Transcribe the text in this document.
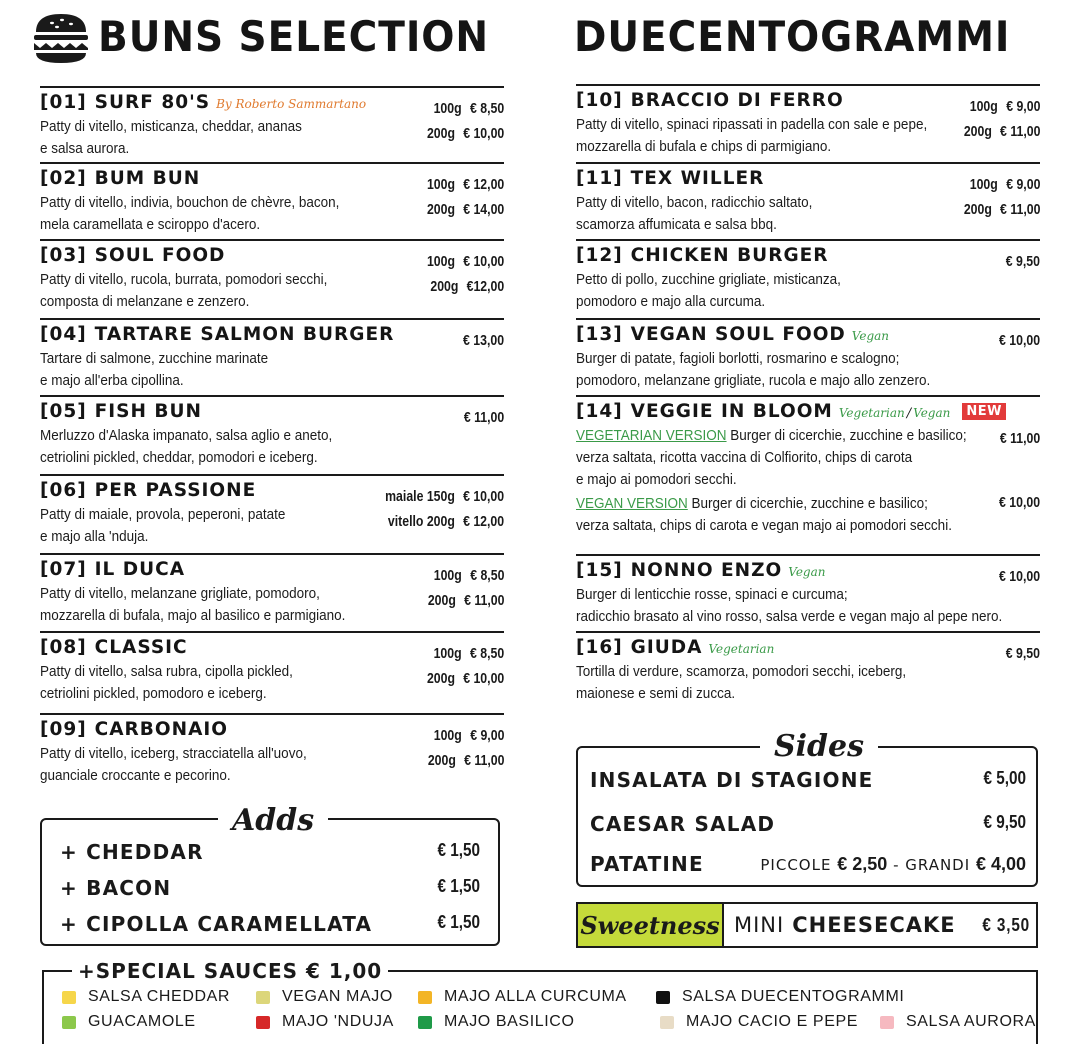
BUNS SELECTION DUECENTOGRAMMI
[01] SURF 80'S By Roberto Sammartano
Patty di vitello, misticanza, cheddar, ananas
e salsa aurora.
100g € 8,50
200g € 10,00
[02] BUM BUN
Patty di vitello, indivia, bouchon de chèvre, bacon,
mela caramellata e sciroppo d'acero.
100g € 12,00
200g € 14,00
[03] SOUL FOOD
Patty di vitello, rucola, burrata, pomodori secchi,
composta di melanzane e zenzero.
100g € 10,00
200g €12,00
[04] TARTARE SALMON BURGER
Tartare di salmone, zucchine marinate
e majo all'erba cipollina.
€ 13,00
[05] FISH BUN
Merluzzo d'Alaska impanato, salsa aglio e aneto,
cetriolini pickled, cheddar, pomodori e iceberg.
€ 11,00
[06] PER PASSIONE
Patty di maiale, provola, peperoni, patate
e majo alla 'nduja.
maiale 150g € 10,00
vitello 200g € 12,00
[07] IL DUCA
Patty di vitello, melanzane grigliate, pomodoro,
mozzarella di bufala, majo al basilico e parmigiano.
100g € 8,50
200g € 11,00
[08] CLASSIC
Patty di vitello, salsa rubra, cipolla pickled,
cetriolini pickled, pomodoro e iceberg.
100g € 8,50
200g € 10,00
[09] CARBONAIO
Patty di vitello, iceberg, stracciatella all'uovo,
guanciale croccante e pecorino.
100g € 9,00
200g € 11,00
[10] BRACCIO DI FERRO
Patty di vitello, spinaci ripassati in padella con sale e pepe,
mozzarella di bufala e chips di parmigiano.
100g € 9,00
200g € 11,00
[11] TEX WILLER
Patty di vitello, bacon, radicchio saltato,
scamorza affumicata e salsa bbq.
100g € 9,00
200g € 11,00
[12] CHICKEN BURGER
Petto di pollo, zucchine grigliate, misticanza,
pomodoro e majo alla curcuma.
€ 9,50
[13] VEGAN SOUL FOOD Vegan
Burger di patate, fagioli borlotti, rosmarino e scalogno;
pomodoro, melanzane grigliate, rucola e majo allo zenzero.
€ 10,00
[14] VEGGIE IN BLOOM Vegetarian / Vegan NEW
VEGETARIAN VERSION Burger di cicerchie, zucchine e basilico;
verza saltata, ricotta vaccina di Colfiorito, chips di carota
e majo ai pomodori secchi.
€ 11,00
VEGAN VERSION Burger di cicerchie, zucchine e basilico;
verza saltata, chips di carota e vegan majo ai pomodori secchi.
€ 10,00
[15] NONNO ENZO Vegan
Burger di lenticchie rosse, spinaci e curcuma;
radicchio brasato al vino rosso, salsa verde e vegan majo al pepe nero.
€ 10,00
[16] GIUDA Vegetarian
Tortilla di verdure, scamorza, pomodori secchi, iceberg,
maionese e semi di zucca.
€ 9,50
Adds
+ CHEDDAR	€ 1,50
+ BACON	€ 1,50
+ CIPOLLA CARAMELLATA	€ 1,50
Sides
INSALATA DI STAGIONE	€ 5,00
CAESAR SALAD	€ 9,50
PATATINE	PICCOLE € 2,50 - GRANDI € 4,00
Sweetness MINI CHEESECAKE € 3,50
+SPECIAL SAUCES € 1,00
SALSA CHEDDAR	VEGAN MAJO	MAJO ALLA CURCUMA	SALSA DUECENTOGRAMMI
GUACAMOLE	MAJO 'NDUJA	MAJO BASILICO	MAJO CACIO E PEPE	SALSA AURORA
